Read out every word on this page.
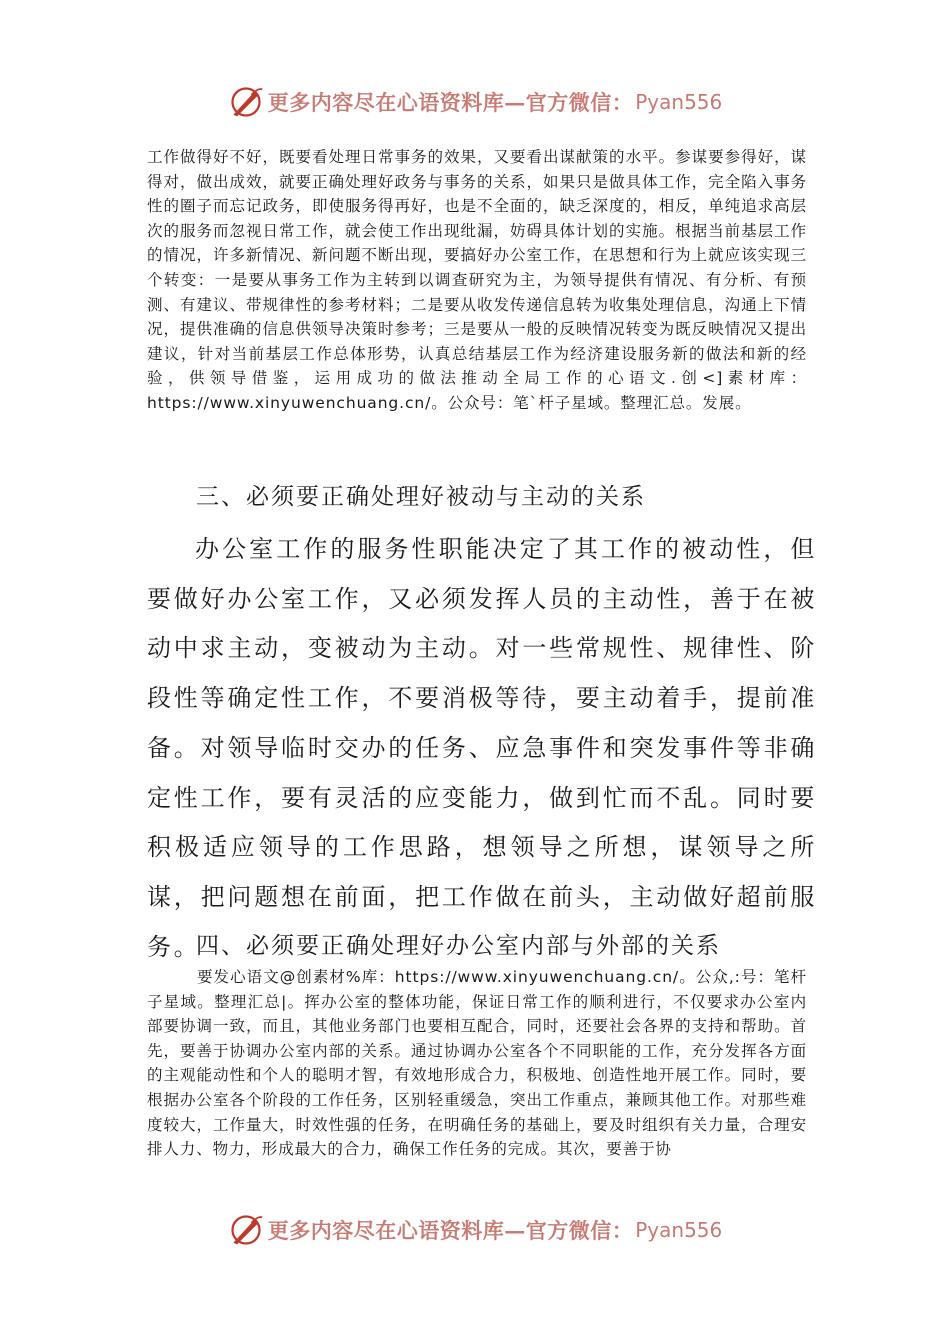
更多内容尽在心语资料库—官方微信： Pyan556

工作做得好不好，既要看处理日常事务的效果，又要看出谋献策的水平。参谋要参得好，谋得对，做出成效，就要正确处理好政务与事务的关系，如果只是做具体工作，完全陷入事务性的圈子而忘记政务，即使服务得再好，也是不全面的，缺乏深度的，相反，单纯追求高层次的服务而忽视日常工作，就会使工作出现纰漏，妨碍具体计划的实施。根据当前基层工作的情况，许多新情况、新问题不断出现，要搞好办公室工作，在思想和行为上就应该实现三个转变：一是要从事务工作为主转到以调查研究为主，为领导提供有情况、有分析、有预测、有建议、带规律性的参考材料；二是要从收发传递信息转为收集处理信息，沟通上下情况，提供准确的信息供领导决策时参考；三是要从一般的反映情况转变为既反映情况又提出建议，针对当前基层工作总体形势，认真总结基层工作为经济建设服务新的做法和新的经验，供领导借鉴，运用成功的做法推动全局工作的心语文.创<]素材库：https://www.xinyuwenchuang.cn/。公众号：笔`杆子星域。整理汇总。发展。

三、必须要正确处理好被动与主动的关系

办公室工作的服务性职能决定了其工作的被动性，但要做好办公室工作，又必须发挥人员的主动性，善于在被动中求主动，变被动为主动。对一些常规性、规律性、阶段性等确定性工作，不要消极等待，要主动着手，提前准备。对领导临时交办的任务、应急事件和突发事件等非确定性工作，要有灵活的应变能力，做到忙而不乱。同时要积极适应领导的工作思路，想领导之所想，谋领导之所谋，把问题想在前面，把工作做在前头，主动做好超前服务。

四、必须要正确处理好办公室内部与外部的关系

要发心语文@创素材%库：https://www.xinyuwenchuang.cn/。公众,:号：笔杆子星域。整理汇总|。挥办公室的整体功能，保证日常工作的顺利进行，不仅要求办公室内部要协调一致，而且，其他业务部门也要相互配合，同时，还要社会各界的支持和帮助。首先，要善于协调办公室内部的关系。通过协调办公室各个不同职能的工作，充分发挥各方面的主观能动性和个人的聪明才智，有效地形成合力，积极地、创造性地开展工作。同时，要根据办公室各个阶段的工作任务，区别轻重缓急，突出工作重点，兼顾其他工作。对那些难度较大，工作量大，时效性强的任务，在明确任务的基础上，要及时组织有关力量，合理安排人力、物力，形成最大的合力，确保工作任务的完成。其次，要善于协

更多内容尽在心语资料库—官方微信： Pyan556
